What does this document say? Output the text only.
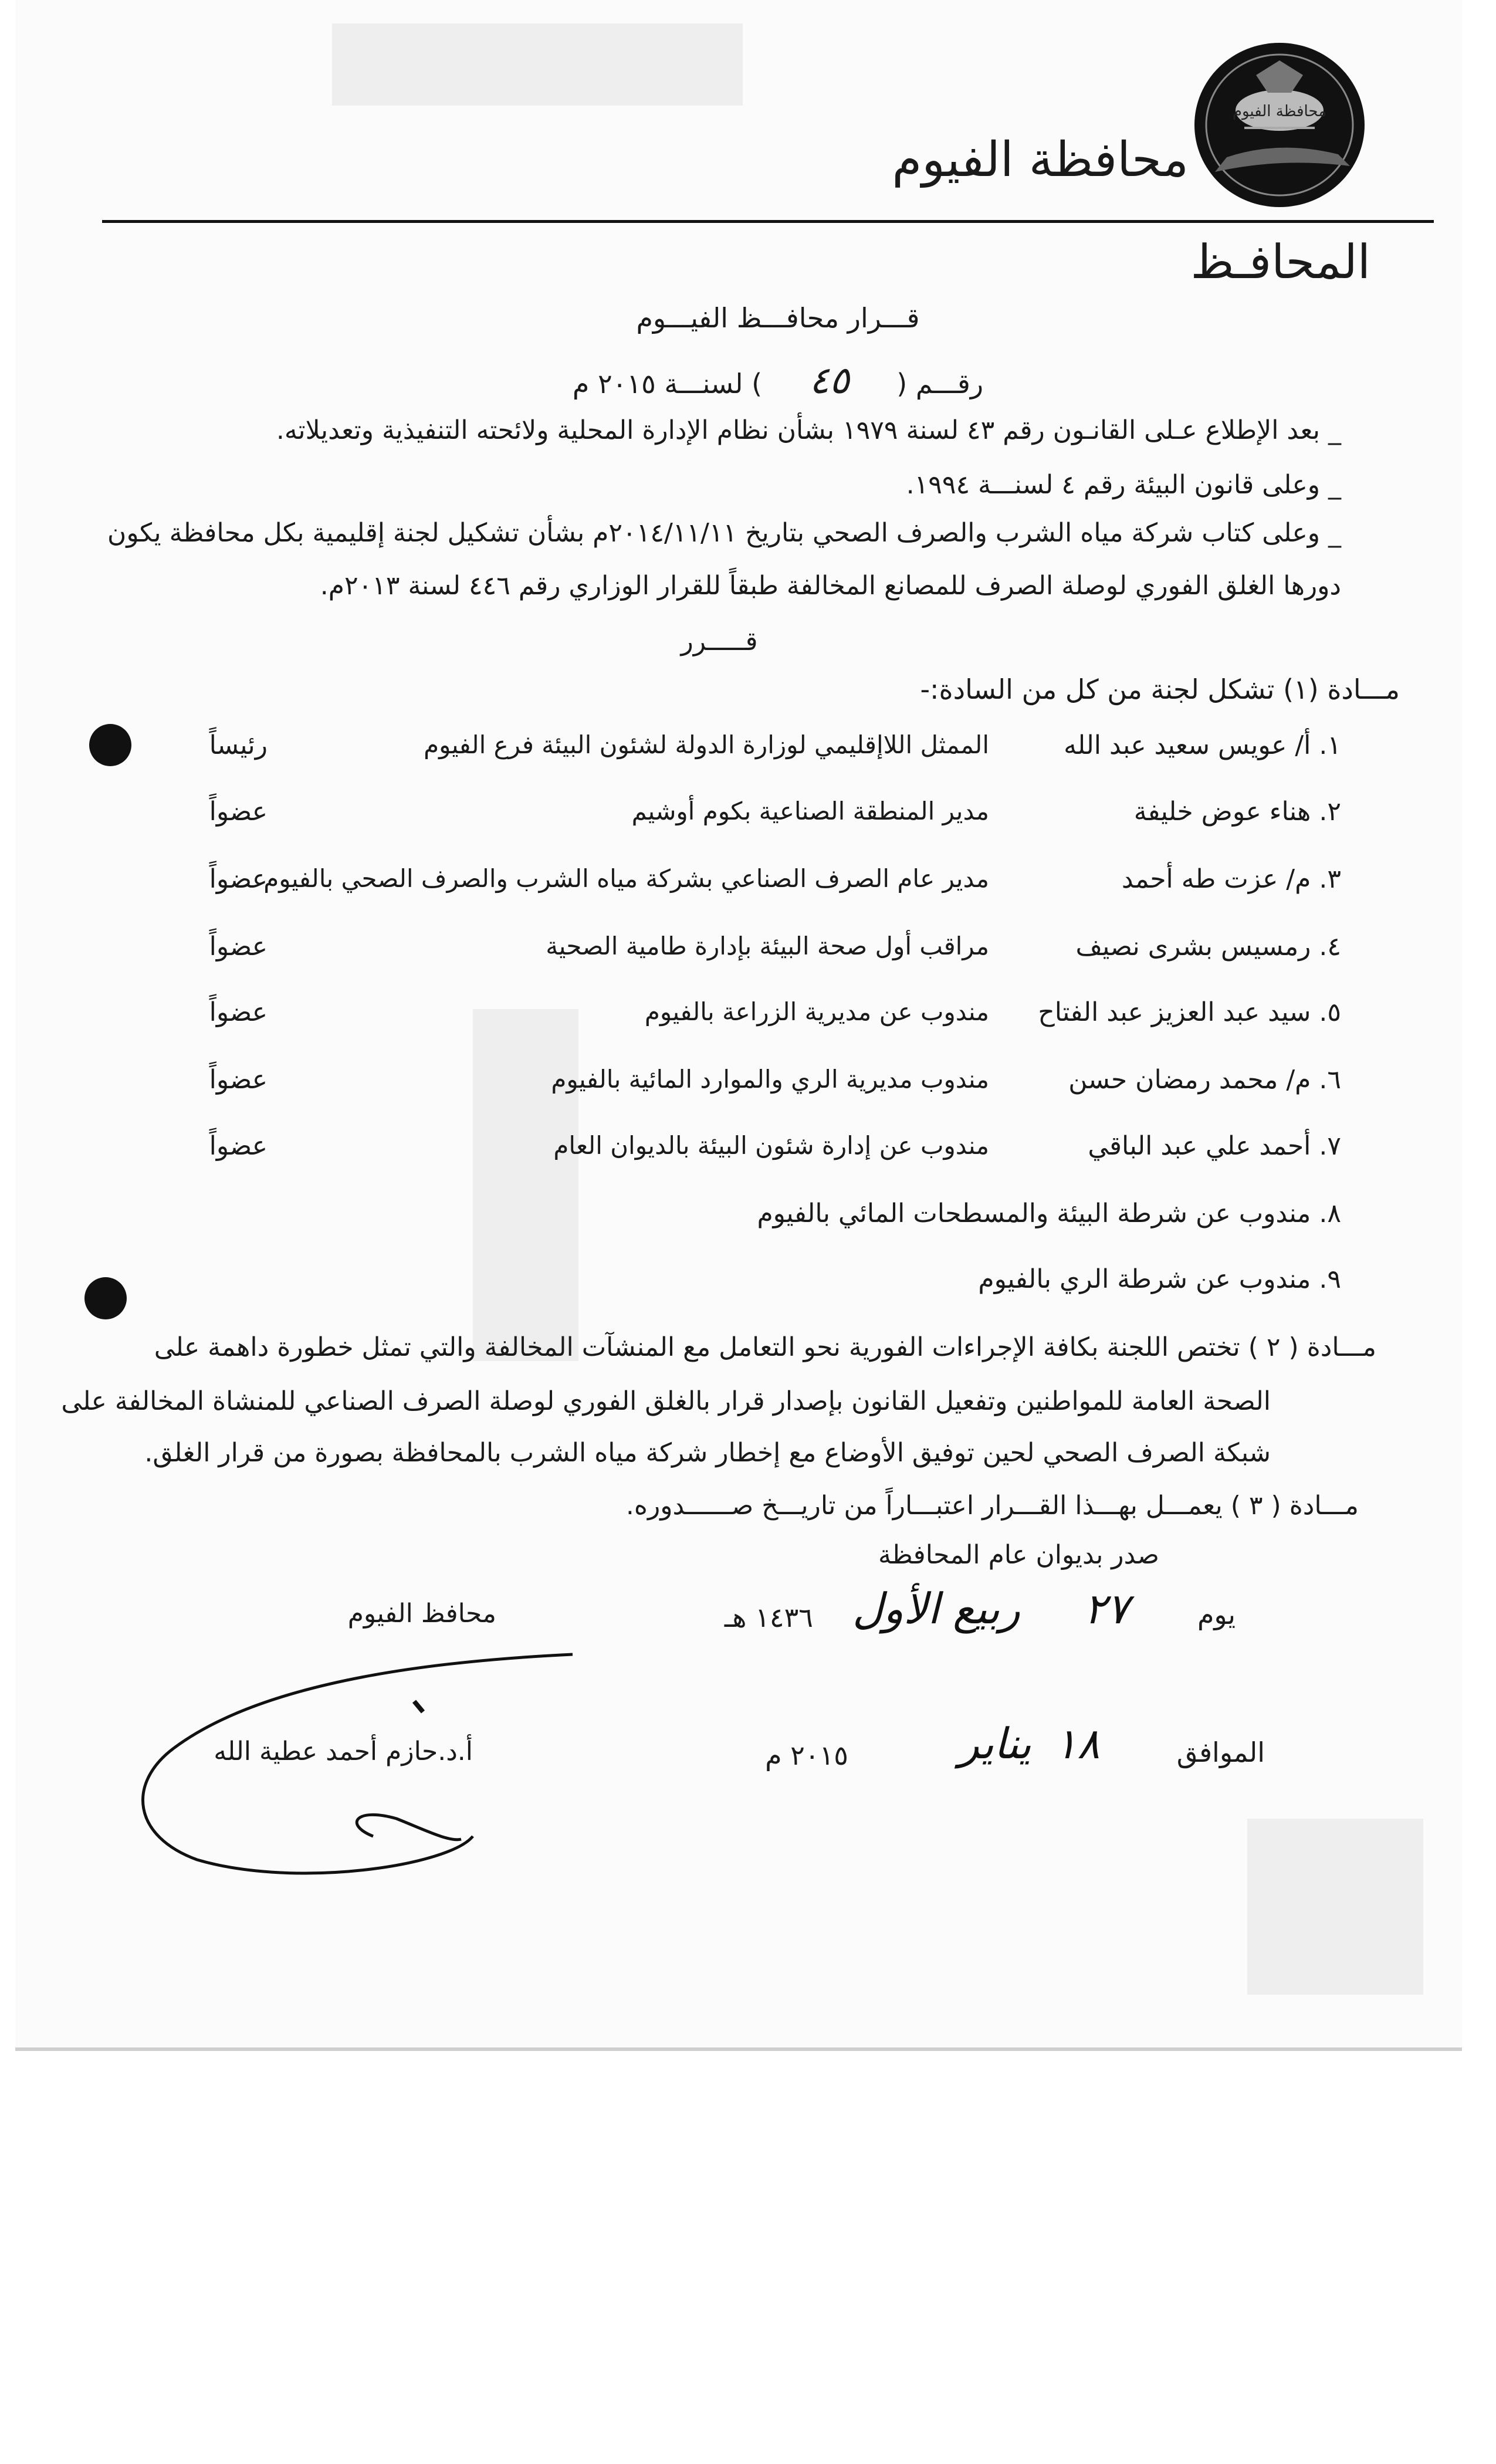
محافظة الفيوم
محافظة الفيوم
المحافـظ
قـــرار محافـــظ الفيـــوم
رقـــم ( ٤٥ ) لسنـــة ٢٠١٥ م
_ بعد الإطلاع عـلى القانـون رقم ٤٣ لسنة ١٩٧٩ بشأن نظام الإدارة المحلية ولائحته التنفيذية وتعديلاته.
_ وعلى قانون البيئة رقم ٤ لسنـــة ١٩٩٤.
_ وعلى كتاب شركة مياه الشرب والصرف الصحي بتاريخ ٢٠١٤/١١/١١م بشأن تشكيل لجنة إقليمية بكل محافظة يكون
دورها الغلق الفوري لوصلة الصرف للمصانع المخالفة طبقاً للقرار الوزاري رقم ٤٤٦ لسنة ٢٠١٣م.
قـــــرر
مـــادة (١) تشكل لجنة من كل من السادة:-
١. أ/ عويس سعيد عبد الله
الممثل اللاإقليمي لوزارة الدولة لشئون البيئة فرع الفيوم
رئيساً
٢. هناء عوض خليفة
مدير المنطقة الصناعية بكوم أوشيم
عضواً
٣. م/ عزت طه أحمد
مدير عام الصرف الصناعي بشركة مياه الشرب والصرف الصحي بالفيوم
عضواً
٤. رمسيس بشرى نصيف
مراقب أول صحة البيئة بإدارة طامية الصحية
عضواً
٥. سيد عبد العزيز عبد الفتاح
مندوب عن مديرية الزراعة بالفيوم
عضواً
٦. م/ محمد رمضان حسن
مندوب مديرية الري والموارد المائية بالفيوم
عضواً
٧. أحمد علي عبد الباقي
مندوب عن إدارة شئون البيئة بالديوان العام
عضواً
٨. مندوب عن شرطة البيئة والمسطحات المائي بالفيوم
٩. مندوب عن شرطة الري بالفيوم
مـــادة ( ٢ ) تختص اللجنة بكافة الإجراءات الفورية نحو التعامل مع المنشآت المخالفة والتي تمثل خطورة داهمة على
الصحة العامة للمواطنين وتفعيل القانون بإصدار قرار بالغلق الفوري لوصلة الصرف الصناعي للمنشاة المخالفة على
شبكة الصرف الصحي لحين توفيق الأوضاع مع إخطار شركة مياه الشرب بالمحافظة بصورة من قرار الغلق.
مـــادة ( ٣ ) يعمـــل بهـــذا القـــرار اعتبـــاراً من تاريـــخ صــــــدوره.
صدر بديوان عام المحافظة
يوم
٢٧
ربيع الأول
١٤٣٦ هـ
محافظ الفيوم
أ.د.حازم أحمد عطية الله	الموافق
١٨
يناير
٢٠١٥ م
